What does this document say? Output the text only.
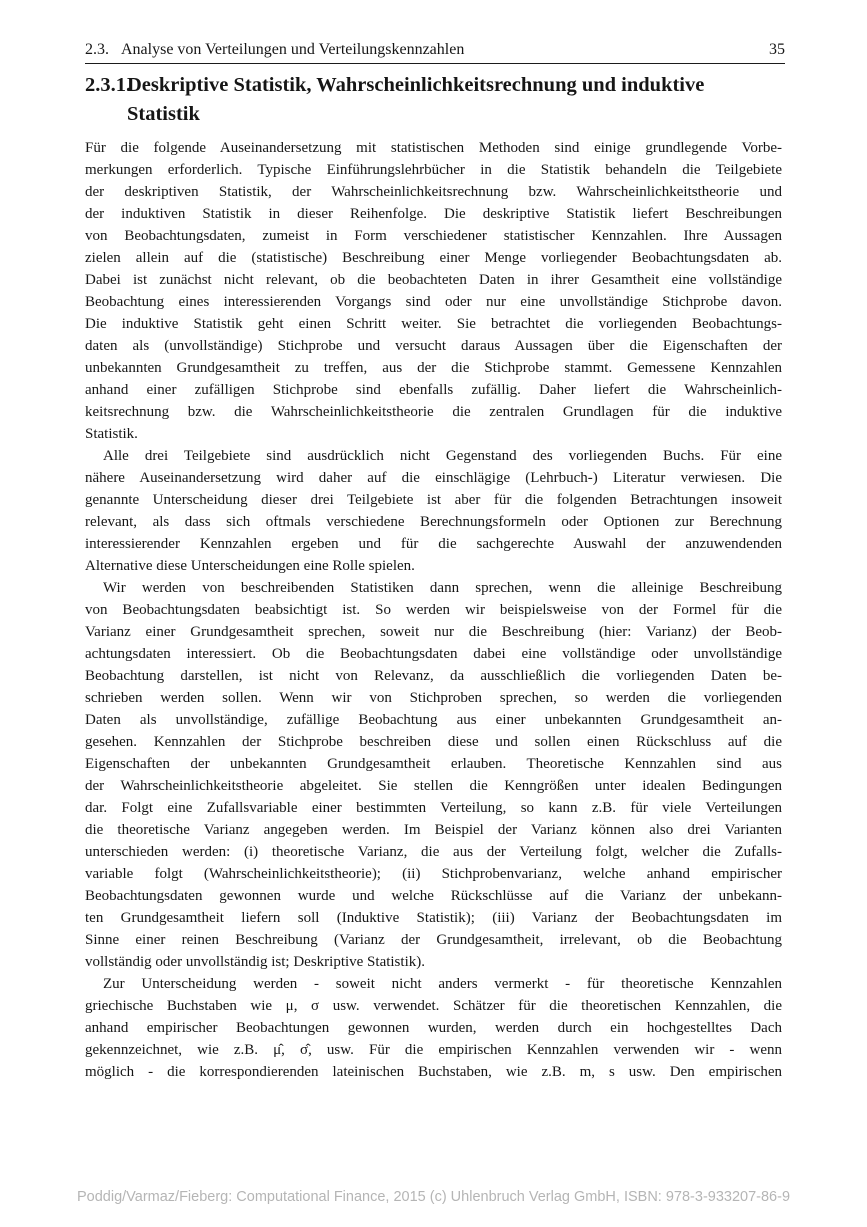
2.3. Analyse von Verteilungen und Verteilungskennzahlen	35
2.3.1.
Deskriptive Statistik, Wahrscheinlichkeitsrechnung und induktive
Statistik
Für die folgende Auseinandersetzung mit statistischen Methoden sind einige grundlegende Vorbe-
merkungen erforderlich. Typische Einführungslehrbücher in die Statistik behandeln die Teilgebiete
der deskriptiven Statistik, der Wahrscheinlichkeitsrechnung bzw. Wahrscheinlichkeitstheorie und
der induktiven Statistik in dieser Reihenfolge. Die deskriptive Statistik liefert Beschreibungen
von Beobachtungsdaten, zumeist in Form verschiedener statistischer Kennzahlen. Ihre Aussagen
zielen allein auf die (statistische) Beschreibung einer Menge vorliegender Beobachtungsdaten ab.
Dabei ist zunächst nicht relevant, ob die beobachteten Daten in ihrer Gesamtheit eine vollständige
Beobachtung eines interessierenden Vorgangs sind oder nur eine unvollständige Stichprobe davon.
Die induktive Statistik geht einen Schritt weiter. Sie betrachtet die vorliegenden Beobachtungs-
daten als (unvollständige) Stichprobe und versucht daraus Aussagen über die Eigenschaften der
unbekannten Grundgesamtheit zu treffen, aus der die Stichprobe stammt. Gemessene Kennzahlen
anhand einer zufälligen Stichprobe sind ebenfalls zufällig. Daher liefert die Wahrscheinlich-
keitsrechnung bzw. die Wahrscheinlichkeitstheorie die zentralen Grundlagen für die induktive
Statistik.
Alle drei Teilgebiete sind ausdrücklich nicht Gegenstand des vorliegenden Buchs. Für eine
nähere Auseinandersetzung wird daher auf die einschlägige (Lehrbuch-) Literatur verwiesen. Die
genannte Unterscheidung dieser drei Teilgebiete ist aber für die folgenden Betrachtungen insoweit
relevant, als dass sich oftmals verschiedene Berechnungsformeln oder Optionen zur Berechnung
interessierender Kennzahlen ergeben und für die sachgerechte Auswahl der anzuwendenden
Alternative diese Unterscheidungen eine Rolle spielen.
Wir werden von beschreibenden Statistiken dann sprechen, wenn die alleinige Beschreibung
von Beobachtungsdaten beabsichtigt ist. So werden wir beispielsweise von der Formel für die
Varianz einer Grundgesamtheit sprechen, soweit nur die Beschreibung (hier: Varianz) der Beob-
achtungsdaten interessiert. Ob die Beobachtungsdaten dabei eine vollständige oder unvollständige
Beobachtung darstellen, ist nicht von Relevanz, da ausschließlich die vorliegenden Daten be-
schrieben werden sollen. Wenn wir von Stichproben sprechen, so werden die vorliegenden
Daten als unvollständige, zufällige Beobachtung aus einer unbekannten Grundgesamtheit an-
gesehen. Kennzahlen der Stichprobe beschreiben diese und sollen einen Rückschluss auf die
Eigenschaften der unbekannten Grundgesamtheit erlauben. Theoretische Kennzahlen sind aus
der Wahrscheinlichkeitstheorie abgeleitet. Sie stellen die Kenngrößen unter idealen Bedingungen
dar. Folgt eine Zufallsvariable einer bestimmten Verteilung, so kann z.B. für viele Verteilungen
die theoretische Varianz angegeben werden. Im Beispiel der Varianz können also drei Varianten
unterschieden werden: (i) theoretische Varianz, die aus der Verteilung folgt, welcher die Zufalls-
variable folgt (Wahrscheinlichkeitstheorie); (ii) Stichprobenvarianz, welche anhand empirischer
Beobachtungsdaten gewonnen wurde und welche Rückschlüsse auf die Varianz der unbekann-
ten Grundgesamtheit liefern soll (Induktive Statistik); (iii) Varianz der Beobachtungsdaten im
Sinne einer reinen Beschreibung (Varianz der Grundgesamtheit, irrelevant, ob die Beobachtung
vollständig oder unvollständig ist; Deskriptive Statistik).
Zur Unterscheidung werden - soweit nicht anders vermerkt - für theoretische Kennzahlen
griechische Buchstaben wie μ, σ usw. verwendet. Schätzer für die theoretischen Kennzahlen, die
anhand empirischer Beobachtungen gewonnen wurden, werden durch ein hochgestelltes Dach
gekennzeichnet, wie z.B. μ̂, σ̂, usw. Für die empirischen Kennzahlen verwenden wir - wenn
möglich - die korrespondierenden lateinischen Buchstaben, wie z.B. m, s usw. Den empirischen
Poddig/Varmaz/Fieberg: Computational Finance, 2015 (c) Uhlenbruch Verlag GmbH, ISBN: 978-3-933207-86-9
